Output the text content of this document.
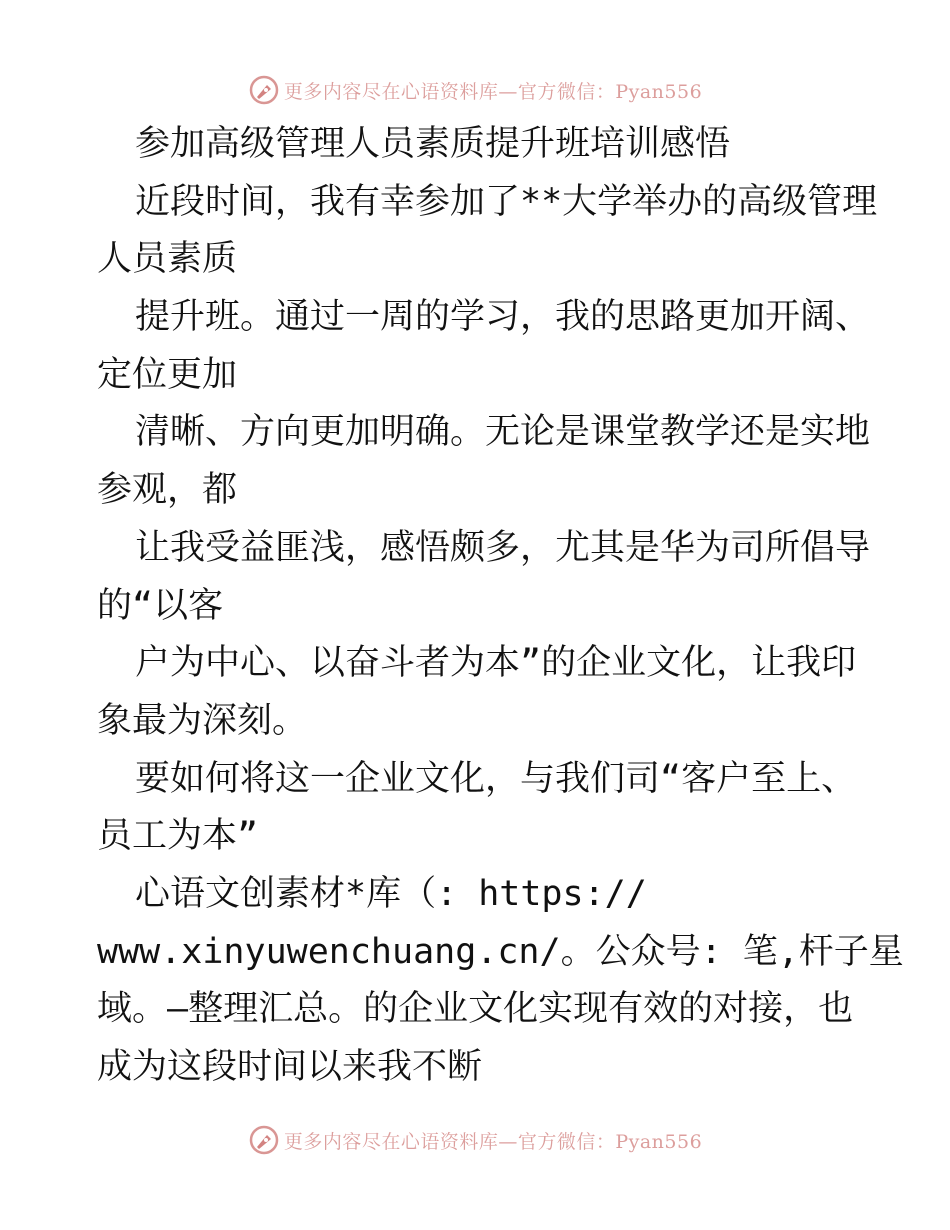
更多内容尽在心语资料库—官方微信：Pyan556
参加高级管理人员素质提升班培训感悟
近段时间，我有幸参加了**大学举办的高级管理
人员素质
提升班。通过一周的学习，我的思路更加开阔、
定位更加
清晰、方向更加明确。无论是课堂教学还是实地
参观，都
让我受益匪浅，感悟颇多，尤其是华为司所倡导
的“以客
户为中心、以奋斗者为本”的企业文化，让我印
象最为深刻。
要如何将这一企业文化，与我们司“客户至上、
员工为本”
心语文创素材*库（: https://
www.xinyuwenchuang.cn/。公众号: 笔,杆子星
域。—整理汇总。的企业文化实现有效的对接，也
成为这段时间以来我不断
更多内容尽在心语资料库—官方微信：Pyan556
